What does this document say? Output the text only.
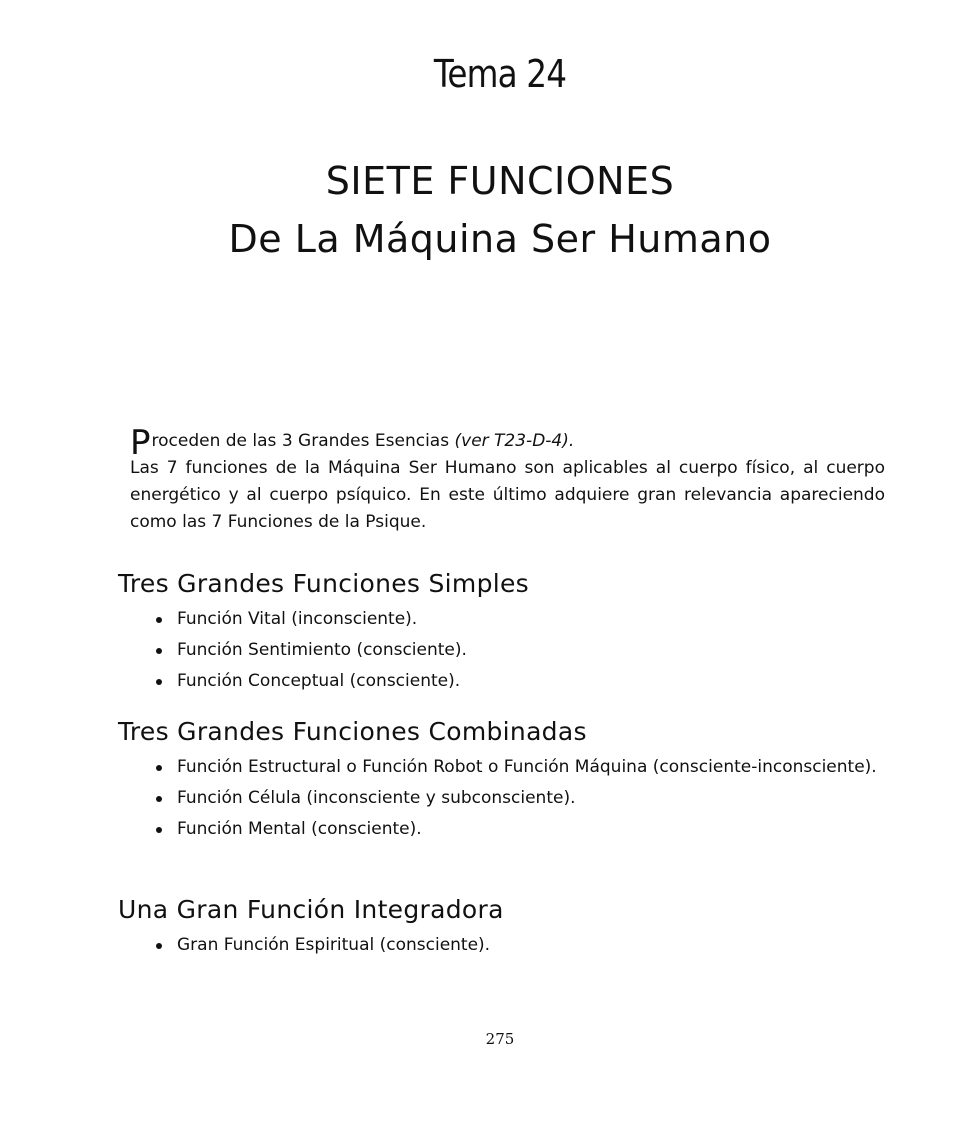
Tema 24
SIETE FUNCIONES
De La Máquina Ser Humano
Proceden de las 3 Grandes Esencias (ver T23-D-4).
Las 7 funciones de la Máquina Ser Humano son aplicables al cuerpo físico, al cuerpo energético y al cuerpo psíquico. En este último adquiere gran relevancia apareciendo como las 7 Funciones de la Psique.
Tres Grandes Funciones Simples
Función Vital (inconsciente).
Función Sentimiento (consciente).
Función Conceptual (consciente).
Tres Grandes Funciones Combinadas
Función Estructural o Función Robot o Función Máquina (consciente-inconsciente).
Función Célula (inconsciente y subconsciente).
Función Mental (consciente).
Una Gran Función Integradora
Gran Función Espiritual (consciente).
275
